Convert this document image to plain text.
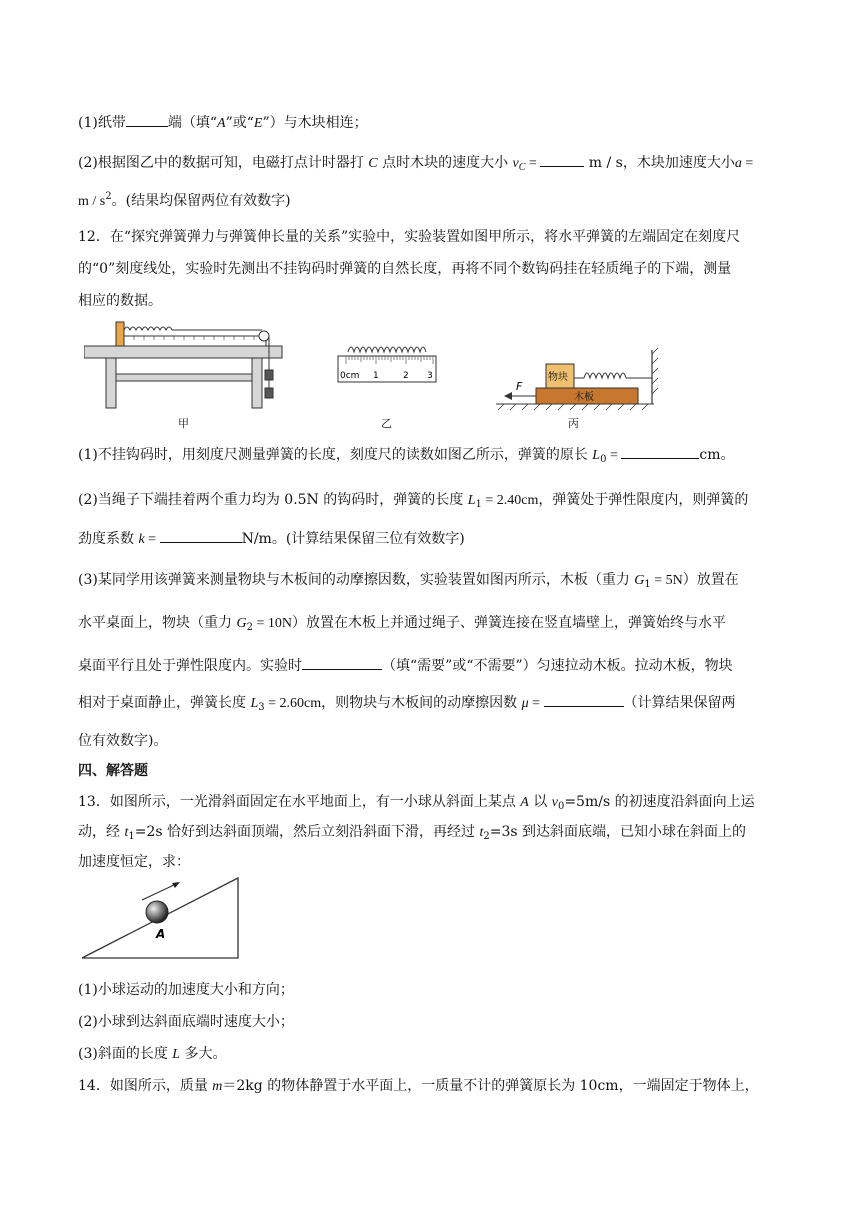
(1)纸带	端（填“A”或“E”）与木块相连；
(2)根据图乙中的数据可知，电磁打点计时器打 C 点时木块的速度大小 $v_C$ =	m / s，木块加速度大小a =
m / $s^2$。(结果均保留两位有效数字)
12．在“探究弹簧弹力与弹簧伸长量的关系”实验中，实验装置如图甲所示，将水平弹簧的左端固定在刻度尺
的“0”刻度线处，实验时先测出不挂钩码时弹簧的自然长度，再将不同个数钩码挂在轻质绳子的下端，测量
相应的数据。
0cm 1	2 3
木板
物块
F
甲	乙	丙
(1)不挂钩码时，用刻度尺测量弹簧的长度，刻度尺的读数如图乙所示，弹簧的原长 $L_0$ =	cm。
(2)当绳子下端挂着两个重力均为 0.5N 的钩码时，弹簧的长度 $L_1 = 2.40cm$，弹簧处于弹性限度内，则弹簧的
劲度系数 k =	N/m。(计算结果保留三位有效数字)
(3)某同学用该弹簧来测量物块与木板间的动摩擦因数，实验装置如图丙所示，木板（重力 $G_1 = 5N$）放置在
水平桌面上，物块（重力 $G_2 = 10N$）放置在木板上并通过绳子、弹簧连接在竖直墙壁上，弹簧始终与水平
桌面平行且处于弹性限度内。实验时	（填“需要”或“不需要”）匀速拉动木板。拉动木板，物块
相对于桌面静止，弹簧长度 $L_3 = 2.60cm$，则物块与木板间的动摩擦因数 μ =	（计算结果保留两
位有效数字)。
四、解答题
13．如图所示，一光滑斜面固定在水平地面上，有一小球从斜面上某点 A 以 $v_0=5m/s$ 的初速度沿斜面向上运
动，经 $t_1=2s$ 恰好到达斜面顶端，然后立刻沿斜面下滑，再经过 $t_2=3s$ 到达斜面底端，已知小球在斜面上的
加速度恒定，求：
A
(1)小球运动的加速度大小和方向；
(2)小球到达斜面底端时速度大小；
(3)斜面的长度 L 多大。
14．如图所示，质量 m＝2kg 的物体静置于水平面上，一质量不计的弹簧原长为 10cm，一端固定于物体上，
